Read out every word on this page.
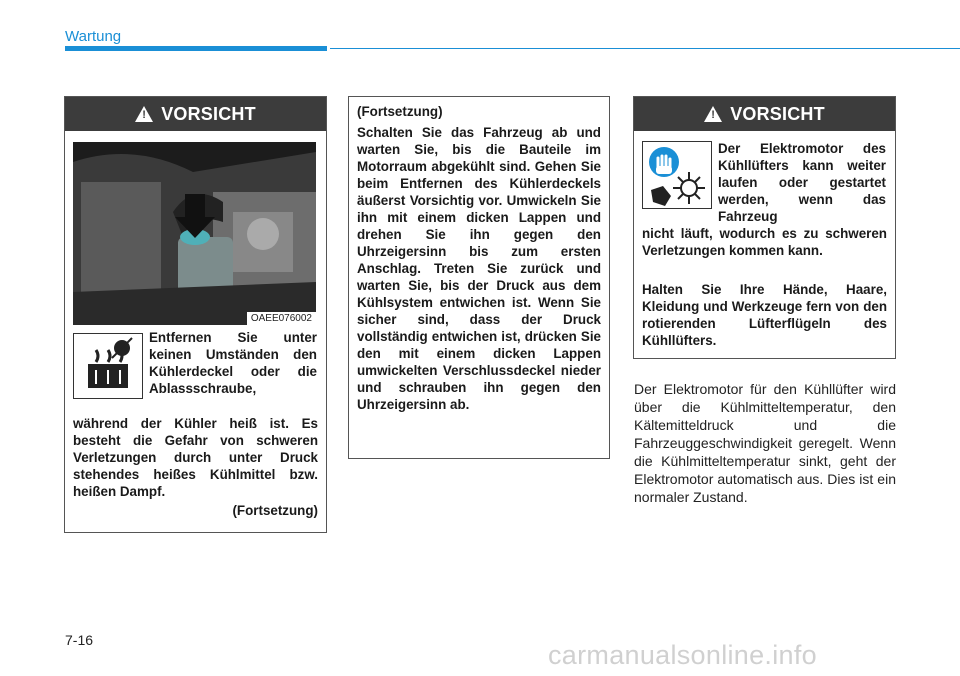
Wartung
!
VORSICHT
OAEE076002
Entfernen Sie unter keinen Umständen den Kühlerdeckel oder die Ablassschraube,
während der Kühler heiß ist. Es besteht die Gefahr von schweren Verletzungen durch unter Druck stehendes heißes Kühlmittel bzw. heißen Dampf.
(Fortsetzung)
(Fortsetzung)
Schalten Sie das Fahrzeug ab und warten Sie, bis die Bauteile im Motorraum abgekühlt sind. Gehen Sie beim Entfernen des Kühlerdeckels äußerst Vorsichtig vor. Umwickeln Sie ihn mit einem dicken Lappen und drehen Sie ihn gegen den Uhrzeigersinn bis zum ersten Anschlag. Treten Sie zurück und warten Sie, bis der Druck aus dem Kühlsystem entwichen ist. Wenn Sie sicher sind, dass der Druck vollständig entwichen ist, drücken Sie den mit einem dicken Lappen umwickelten Verschlussdeckel nieder und schrauben ihn gegen den Uhrzeigersinn ab.
!
VORSICHT
Der Elektromotor des Kühllüfters kann weiter laufen oder gestartet werden, wenn das Fahrzeug
nicht läuft, wodurch es zu schweren Verletzungen kommen kann.
Halten Sie Ihre Hände, Haare, Kleidung und Werkzeuge fern von den rotierenden Lüfterflügeln des Kühllüfters.
Der Elektromotor für den Kühllüfter wird über die Kühlmitteltemperatur, den Kältemitteldruck und die Fahrzeuggeschwindigkeit geregelt. Wenn die Kühlmitteltemperatur sinkt, geht der Elektromotor automatisch aus. Dies ist ein normaler Zustand.
7-16	carmanualsonline.info
